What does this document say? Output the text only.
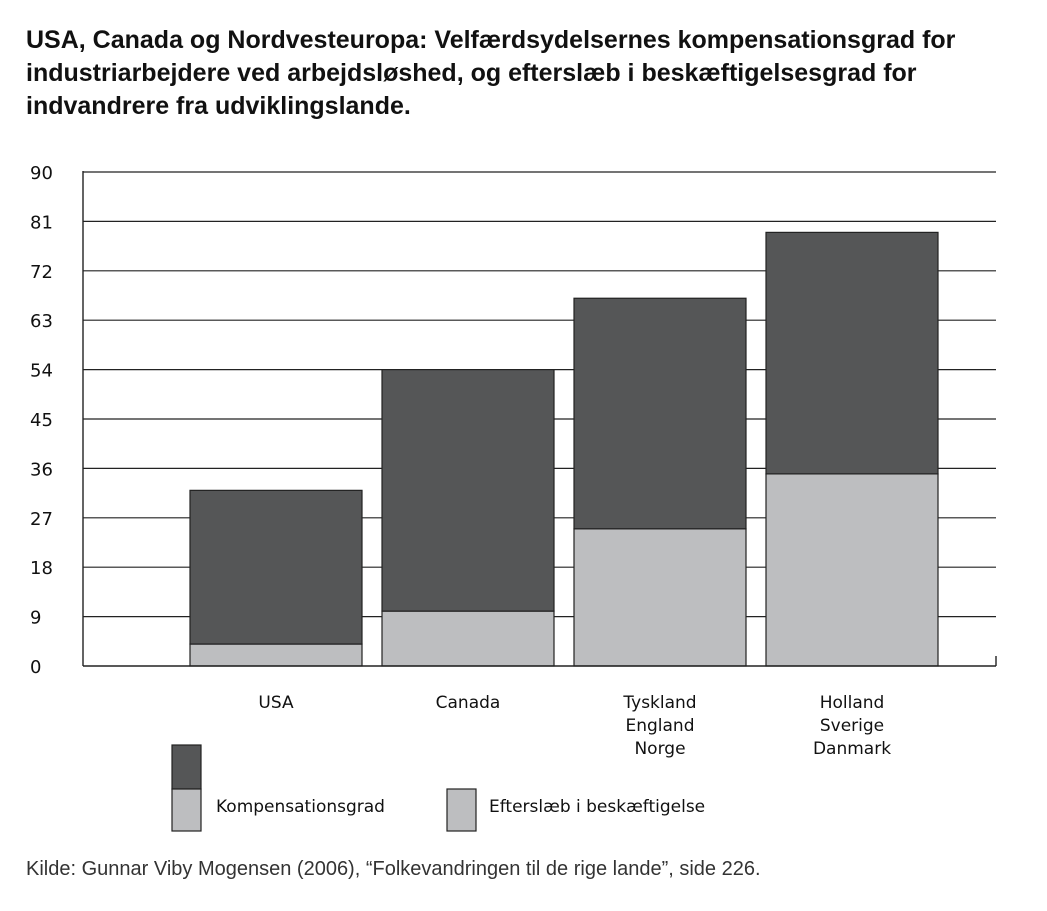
USA, Canada og Nordvesteuropa: Velfærdsydelsernes kompensationsgrad for industriarbejdere ved arbejdsløshed, og efterslæb i beskæftigelsesgrad for indvandrere fra udviklingslande.
0
9
18
27
36
45
54
63
72
81
90
USA	Canada	Tyskland
England
Norge
Holland
Sverige
Danmark
Kompensationsgrad	Efterslæb i beskæftigelse

Kilde: Gunnar Viby Mogensen (2006), “Folkevandringen til de rige lande”, side 226.
